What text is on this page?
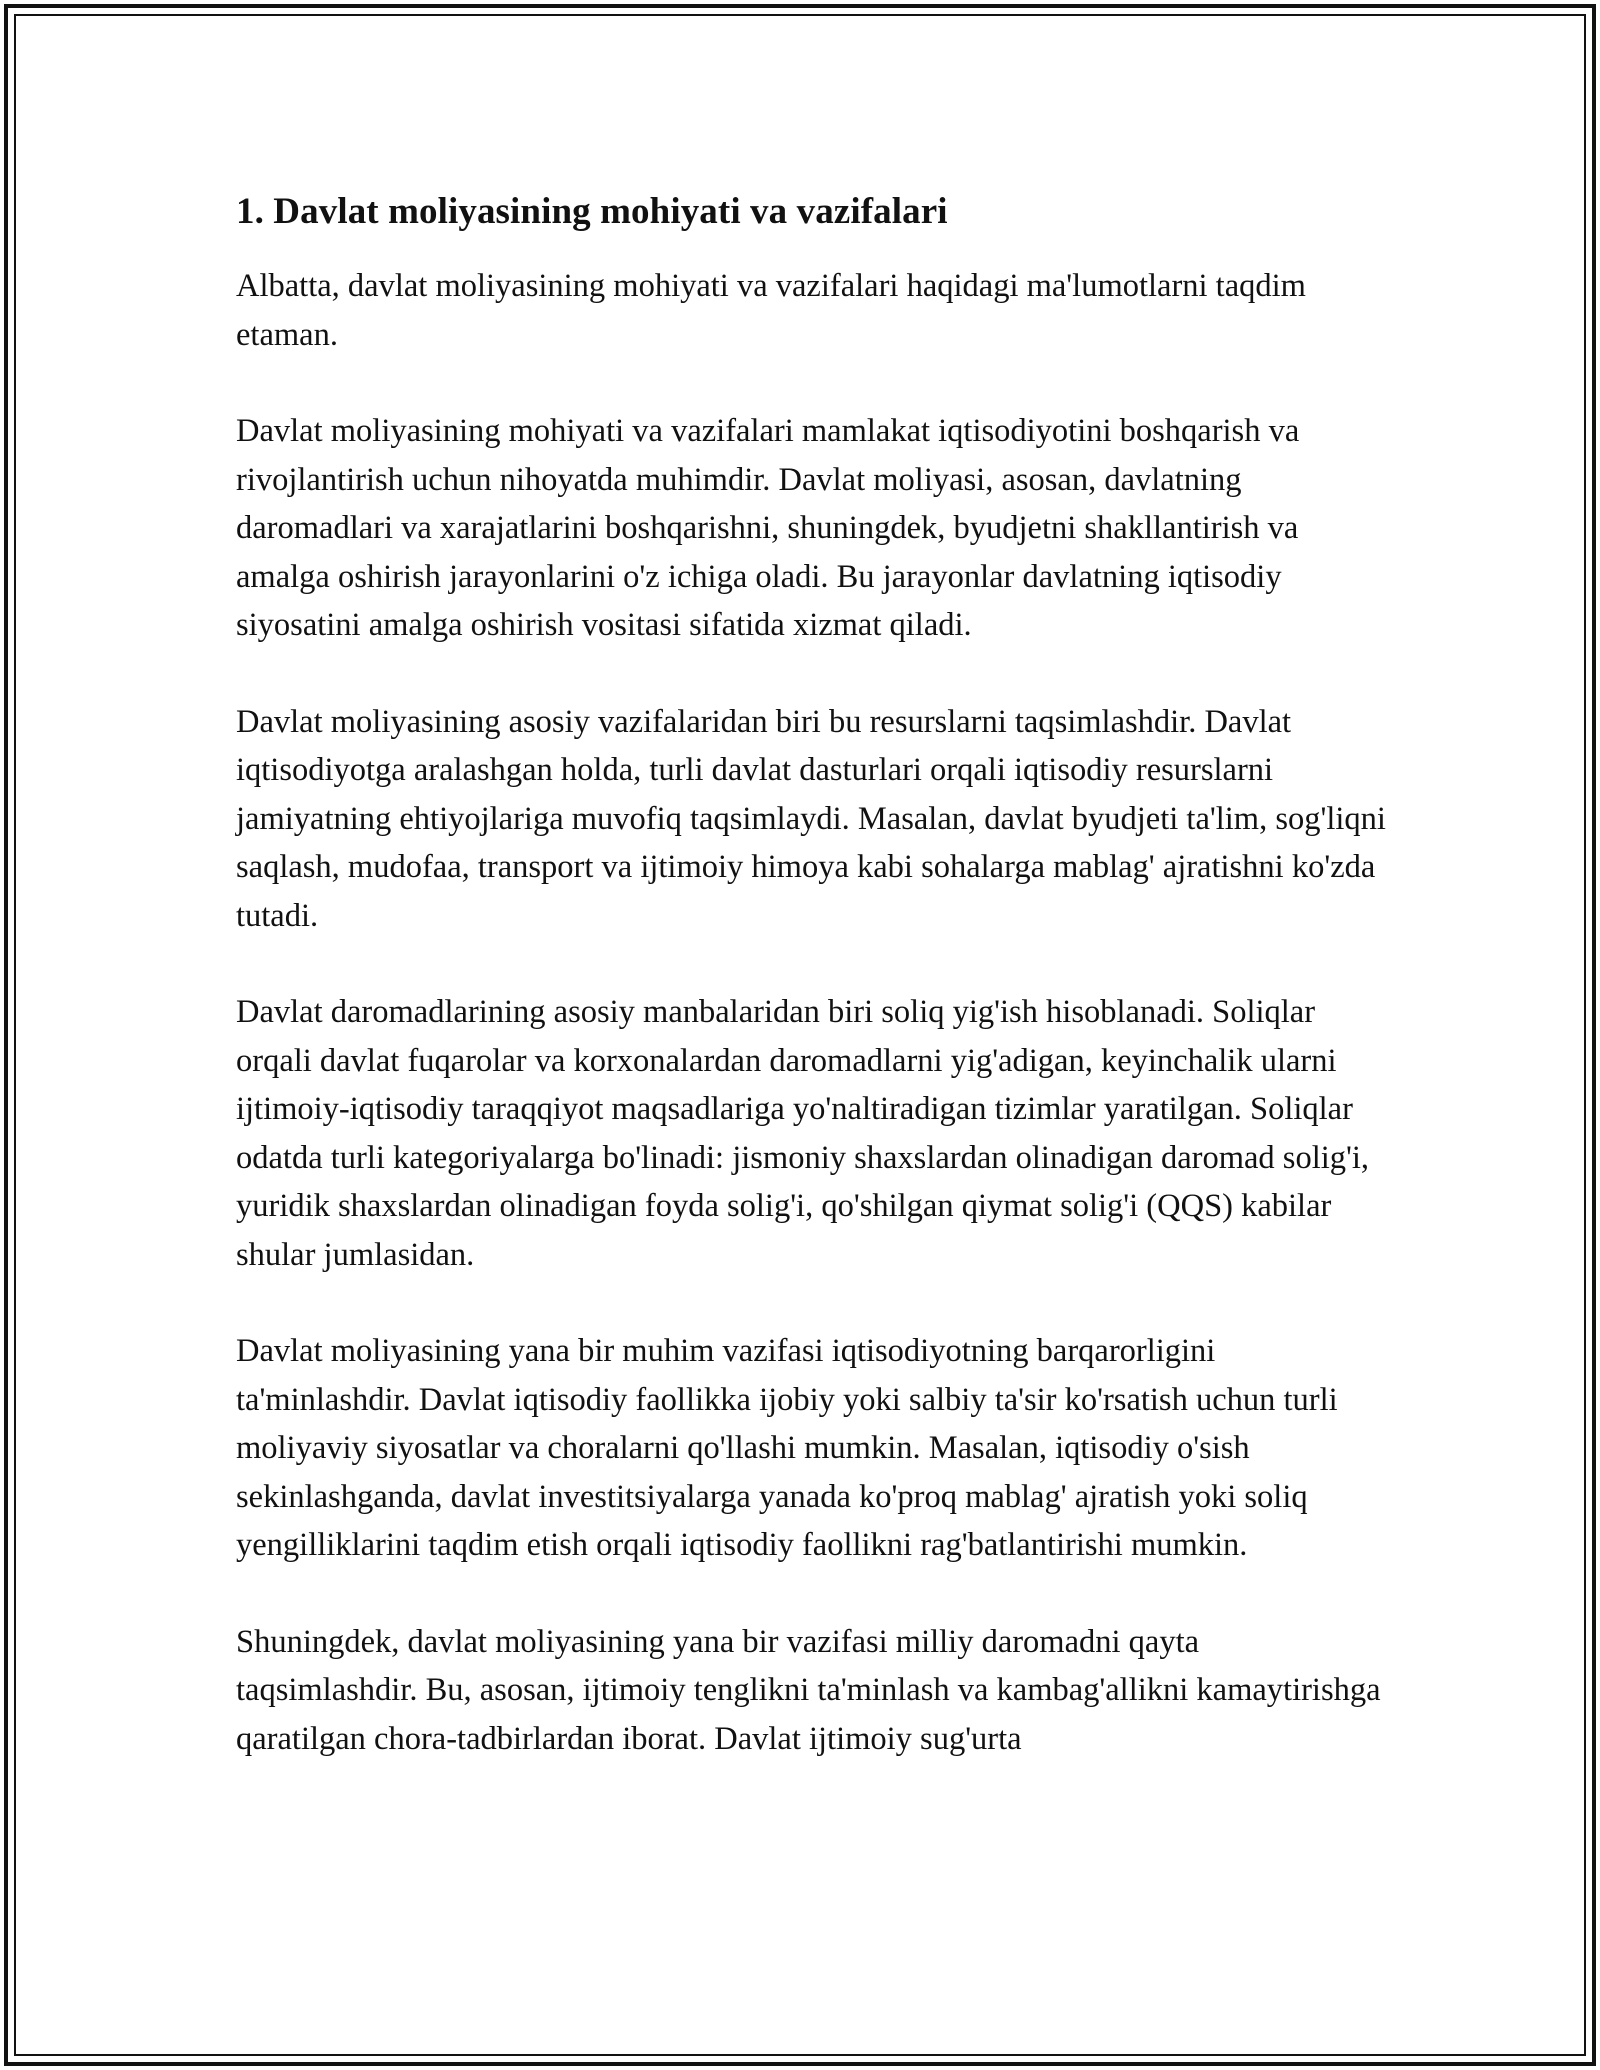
1. Davlat moliyasining mohiyati va vazifalari

Albatta, davlat moliyasining mohiyati va vazifalari haqidagi ma'lumotlarni taqdim etaman.

Davlat moliyasining mohiyati va vazifalari mamlakat iqtisodiyotini boshqarish va rivojlantirish uchun nihoyatda muhimdir. Davlat moliyasi, asosan, davlatning daromadlari va xarajatlarini boshqarishni, shuningdek, byudjetni shakllantirish va amalga oshirish jarayonlarini o'z ichiga oladi. Bu jarayonlar davlatning iqtisodiy siyosatini amalga oshirish vositasi sifatida xizmat qiladi.

Davlat moliyasining asosiy vazifalaridan biri bu resurslarni taqsimlashdir. Davlat iqtisodiyotga aralashgan holda, turli davlat dasturlari orqali iqtisodiy resurslarni jamiyatning ehtiyojlariga muvofiq taqsimlaydi. Masalan, davlat byudjeti ta'lim, sog'liqni saqlash, mudofaa, transport va ijtimoiy himoya kabi sohalarga mablag' ajratishni ko'zda tutadi.

Davlat daromadlarining asosiy manbalaridan biri soliq yig'ish hisoblanadi. Soliqlar orqali davlat fuqarolar va korxonalardan daromadlarni yig'adigan, keyinchalik ularni ijtimoiy-iqtisodiy taraqqiyot maqsadlariga yo'naltiradigan tizimlar yaratilgan. Soliqlar odatda turli kategoriyalarga bo'linadi: jismoniy shaxslardan olinadigan daromad solig'i, yuridik shaxslardan olinadigan foyda solig'i, qo'shilgan qiymat solig'i (QQS) kabilar shular jumlasidan.

Davlat moliyasining yana bir muhim vazifasi iqtisodiyotning barqarorligini ta'minlashdir. Davlat iqtisodiy faollikka ijobiy yoki salbiy ta'sir ko'rsatish uchun turli moliyaviy siyosatlar va choralarni qo'llashi mumkin. Masalan, iqtisodiy o'sish sekinlashganda, davlat investitsiyalarga yanada ko'proq mablag' ajratish yoki soliq yengilliklarini taqdim etish orqali iqtisodiy faollikni rag'batlantirishi mumkin.

Shuningdek, davlat moliyasining yana bir vazifasi milliy daromadni qayta taqsimlashdir. Bu, asosan, ijtimoiy tenglikni ta'minlash va kambag'allikni kamaytirishga qaratilgan chora-tadbirlardan iborat. Davlat ijtimoiy sug'urta
